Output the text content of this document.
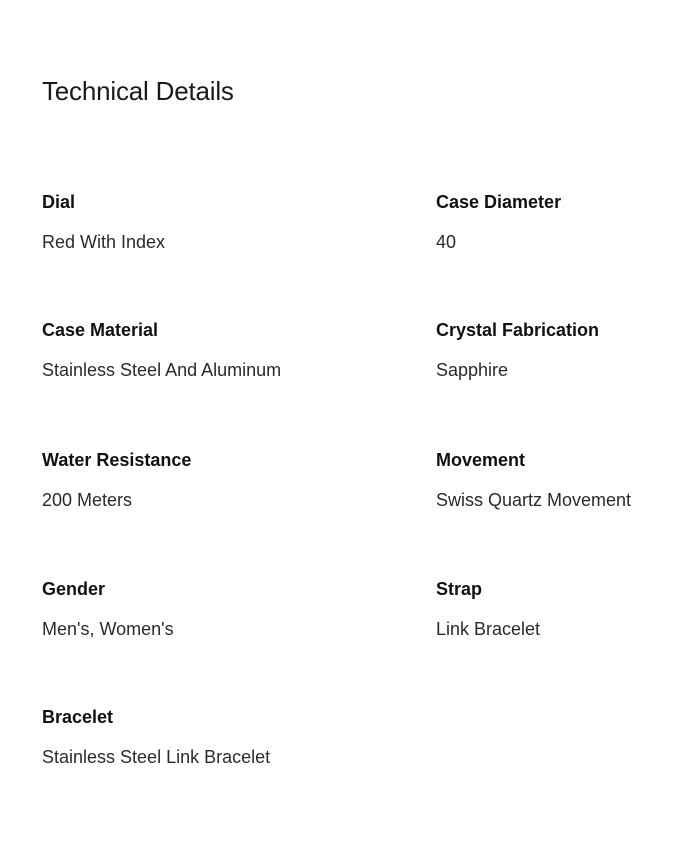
Technical Details
Dial
Red With Index
Case Diameter
40
Case Material
Stainless Steel And Aluminum
Crystal Fabrication
Sapphire
Water Resistance
200 Meters
Movement
Swiss Quartz Movement
Gender
Men's, Women's
Strap
Link Bracelet
Bracelet
Stainless Steel Link Bracelet
